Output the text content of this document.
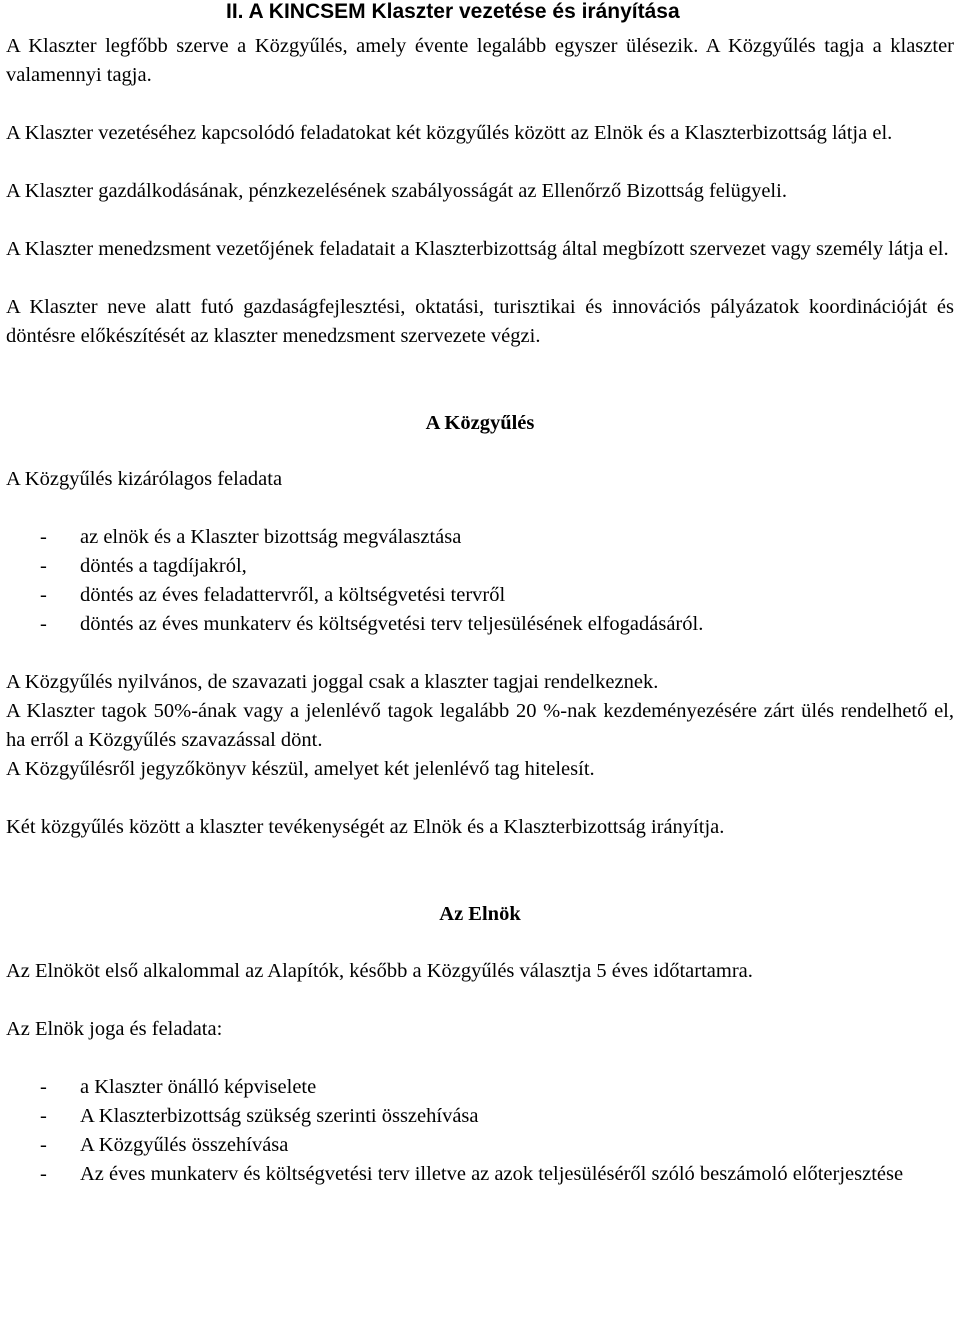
II. A KINCSEM Klaszter vezetése és irányítása

A Klaszter legfőbb szerve a Közgyűlés, amely évente legalább egyszer ülésezik. A Közgyűlés tagja a klaszter valamennyi tagja.

A Klaszter vezetéséhez kapcsolódó feladatokat két közgyűlés között az Elnök és a Klaszterbizottság látja el.

A Klaszter gazdálkodásának, pénzkezelésének szabályosságát az Ellenőrző Bizottság felügyeli.

A Klaszter menedzsment vezetőjének feladatait a Klaszterbizottság által megbízott szervezet vagy személy látja el.

A Klaszter neve alatt futó gazdaságfejlesztési, oktatási, turisztikai és innovációs pályázatok koordinációját és döntésre előkészítését az klaszter menedzsment szervezete végzi.

A Közgyűlés

A Közgyűlés kizárólagos feladata

- az elnök és a Klaszter bizottság megválasztása
- döntés a tagdíjakról,
- döntés az éves feladattervről, a költségvetési tervről
- döntés az éves munkaterv és költségvetési terv teljesülésének elfogadásáról.

A Közgyűlés nyilvános, de szavazati joggal csak a klaszter tagjai rendelkeznek.

A Klaszter tagok 50%-ának vagy a jelenlévő tagok legalább 20 %-nak kezdeményezésére zárt ülés rendelhető el, ha erről a Közgyűlés szavazással dönt.

A Közgyűlésről jegyzőkönyv készül, amelyet két jelenlévő tag hitelesít.

Két közgyűlés között a klaszter tevékenységét az Elnök és a Klaszterbizottság irányítja.

Az Elnök

Az Elnököt első alkalommal az Alapítók, később a Közgyűlés választja 5 éves időtartamra.

Az Elnök joga és feladata:

- a Klaszter önálló képviselete
- A Klaszterbizottság szükség szerinti összehívása
- A Közgyűlés összehívása
- Az éves munkaterv és költségvetési terv illetve az azok teljesüléséről szóló beszámoló előterjesztése
